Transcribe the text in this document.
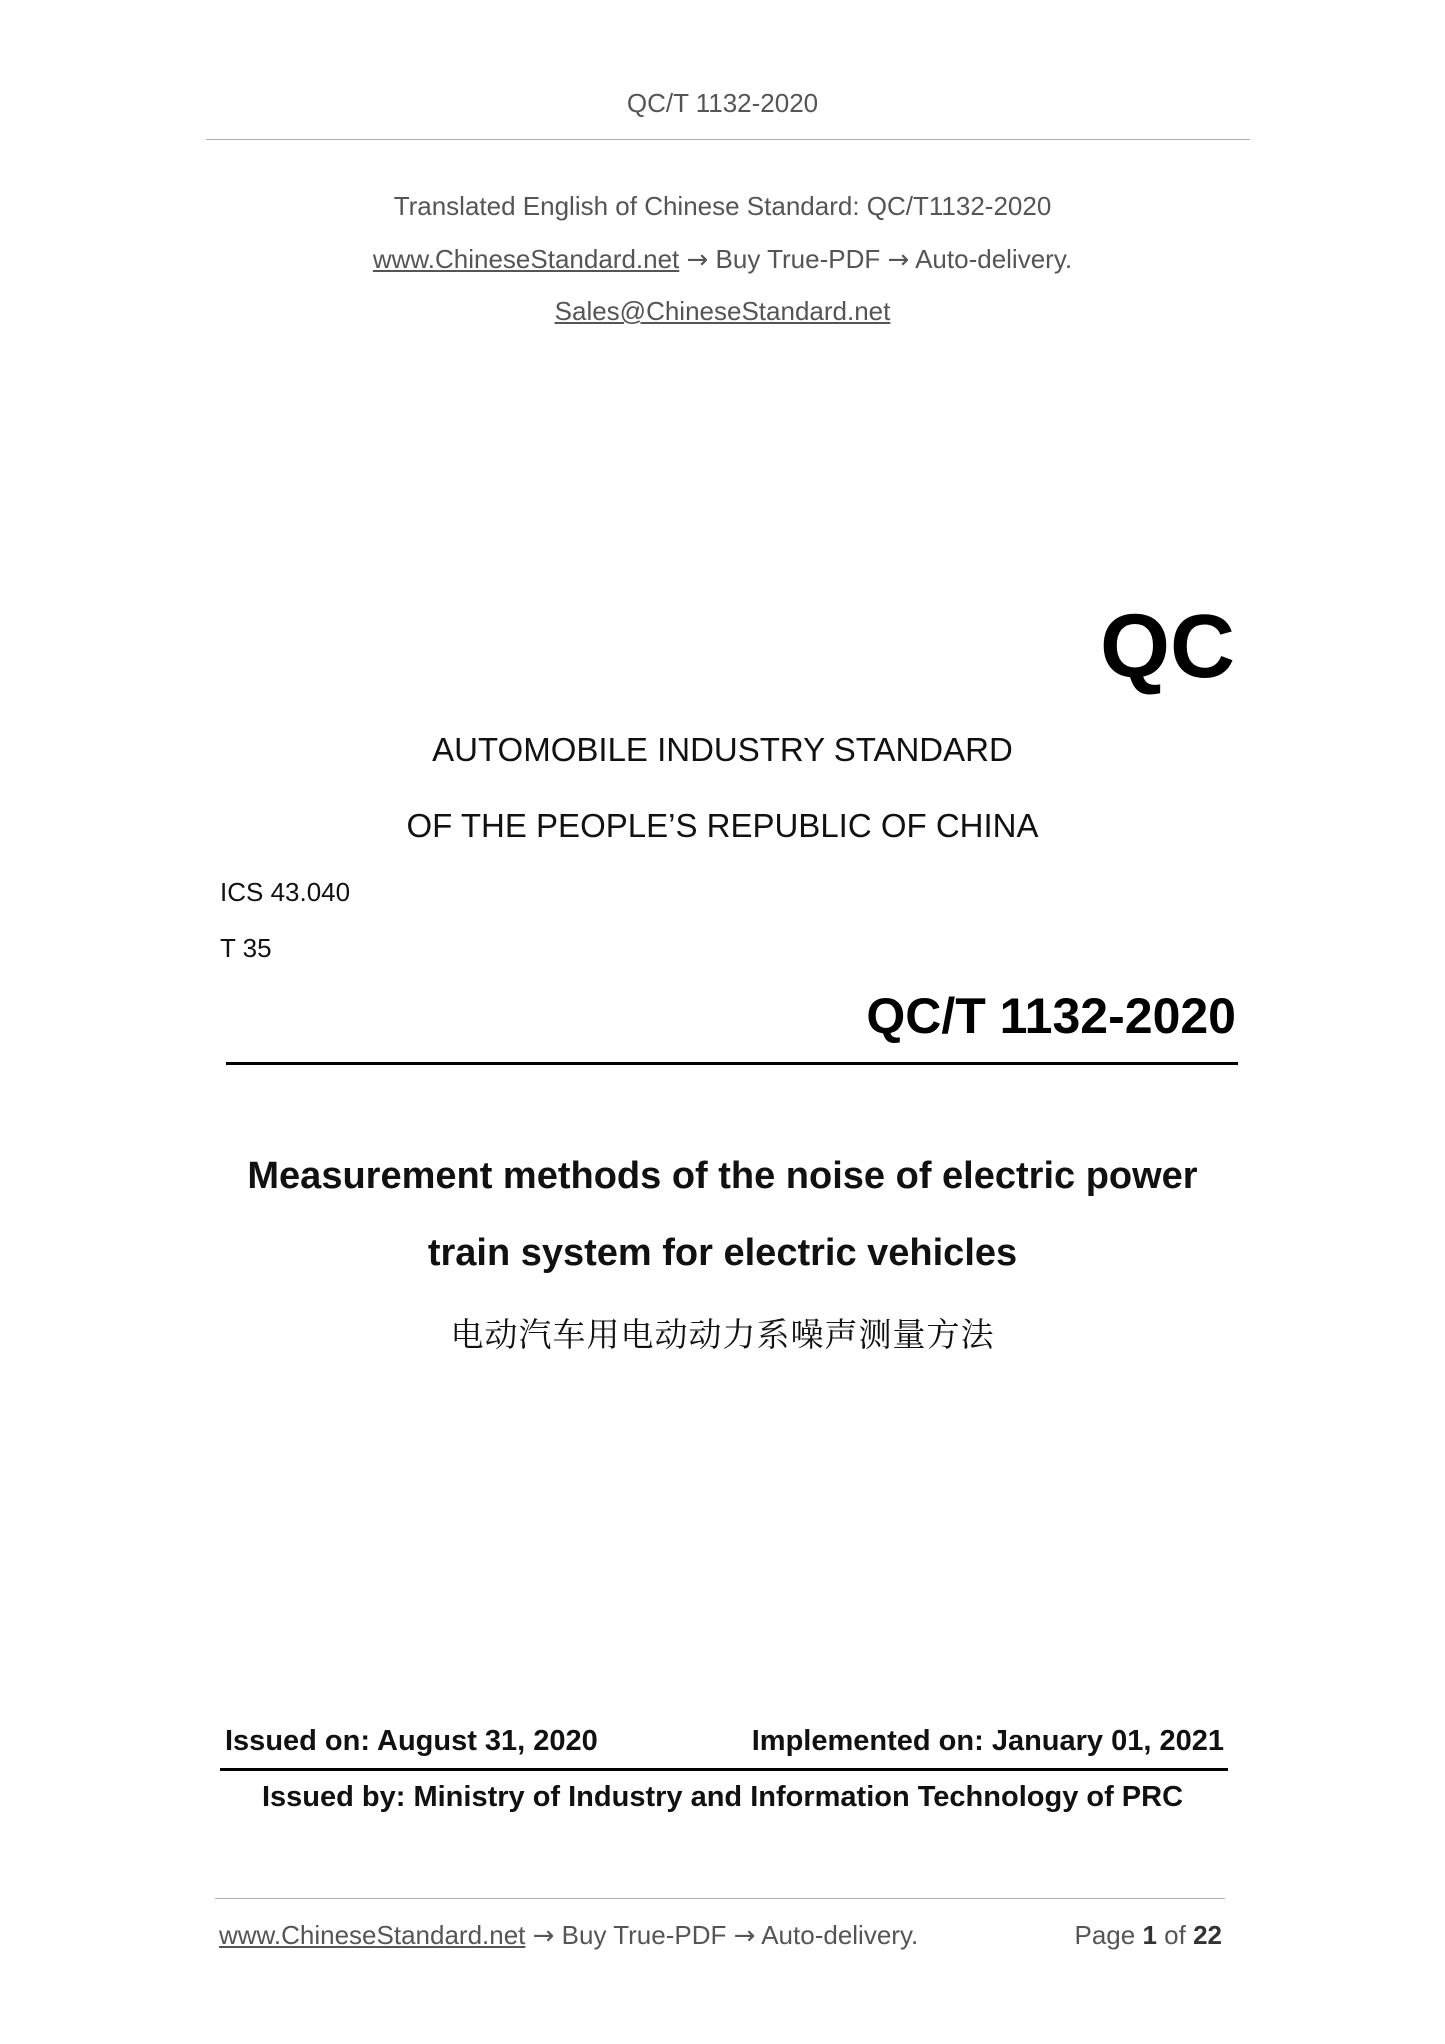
QC/T 1132-2020
Translated English of Chinese Standard: QC/T1132-2020
www.ChineseStandard.net → Buy True-PDF → Auto-delivery.
Sales@ChineseStandard.net
QC
AUTOMOBILE INDUSTRY STANDARD
OF THE PEOPLE’S REPUBLIC OF CHINA
ICS 43.040
T 35
QC/T 1132-2020
Measurement methods of the noise of electric power
train system for electric vehicles
电动汽车用电动动力系噪声测量方法
Issued on: August 31, 2020	Implemented on: January 01, 2021
Issued by: Ministry of Industry and Information Technology of PRC
www.ChineseStandard.net → Buy True-PDF → Auto-delivery.	Page 1 of 22
